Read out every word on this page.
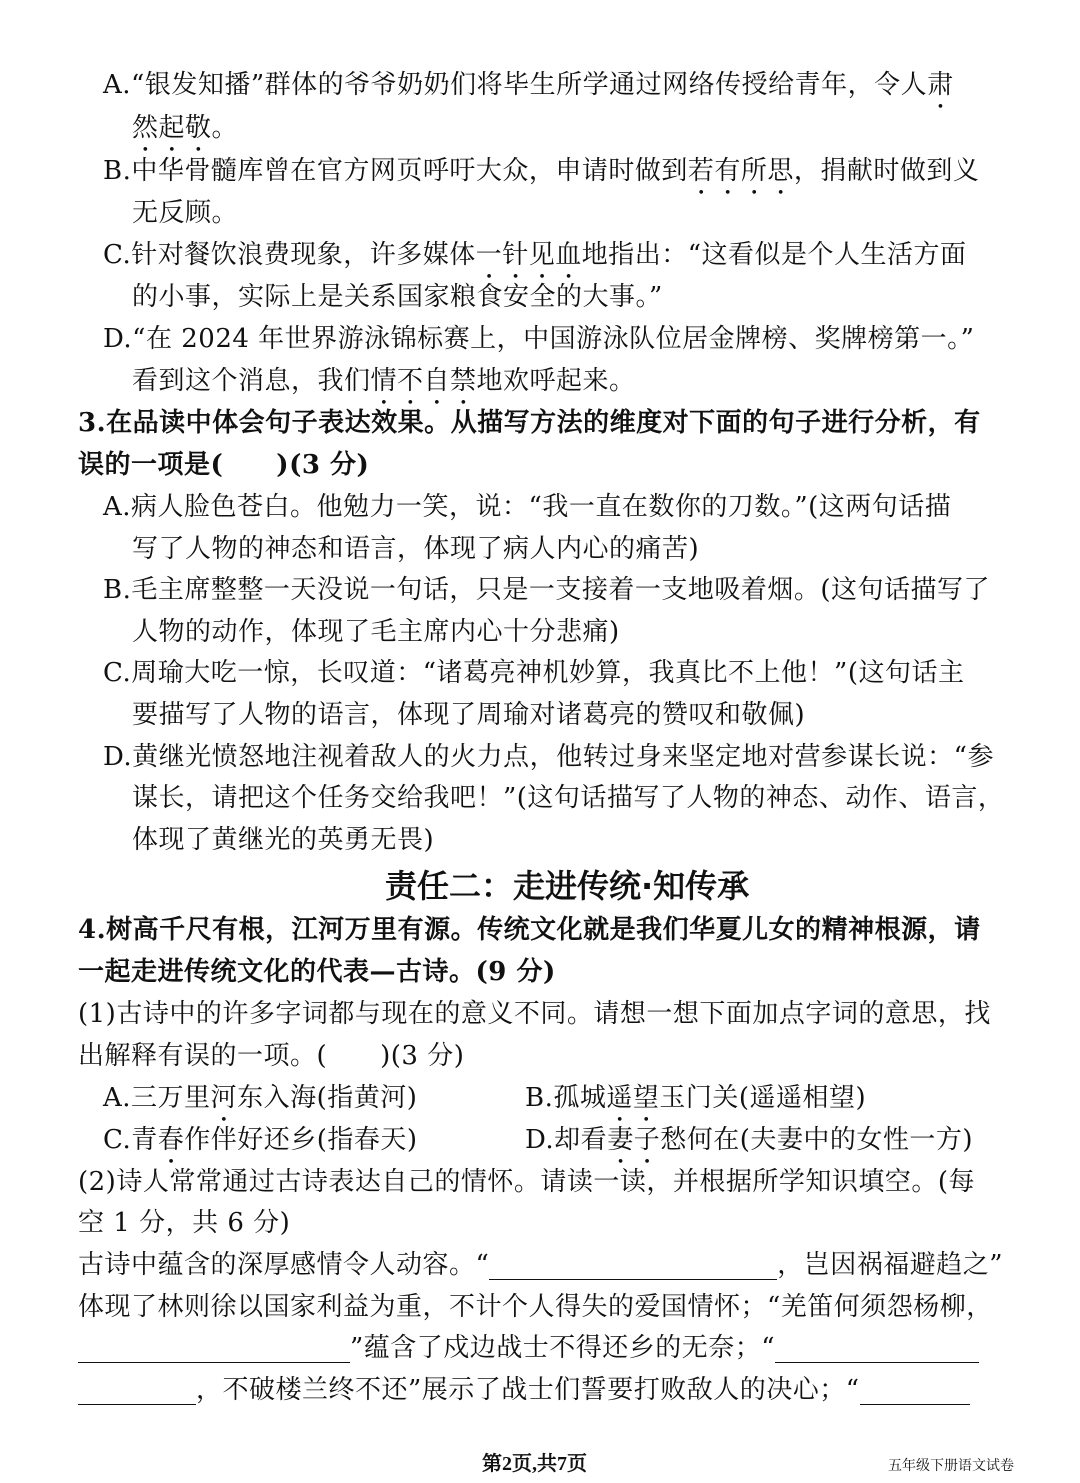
A.“银发知播”群体的爷爷奶奶们将毕生所学通过网络传授给青年，令人肃
然起敬。
B.中华骨髓库曾在官方网页呼吁大众，申请时做到若有所思，捐献时做到义
无反顾。
C.针对餐饮浪费现象，许多媒体一针见血地指出：“这看似是个人生活方面
的小事，实际上是关系国家粮食安全的大事。”
D.“在 2024 年世界游泳锦标赛上，中国游泳队位居金牌榜、奖牌榜第一。”
看到这个消息，我们情不自禁地欢呼起来。
3.在品读中体会句子表达效果。从描写方法的维度对下面的句子进行分析，有
误的一项是(　　)(3 分)
A.病人脸色苍白。他勉力一笑，说：“我一直在数你的刀数。”(这两句话描
写了人物的神态和语言，体现了病人内心的痛苦)
B.毛主席整整一天没说一句话，只是一支接着一支地吸着烟。(这句话描写了
人物的动作，体现了毛主席内心十分悲痛)
C.周瑜大吃一惊，长叹道：“诸葛亮神机妙算，我真比不上他！”(这句话主
要描写了人物的语言，体现了周瑜对诸葛亮的赞叹和敬佩)
D.黄继光愤怒地注视着敌人的火力点，他转过身来坚定地对营参谋长说：“参
谋长，请把这个任务交给我吧！”(这句话描写了人物的神态、动作、语言，
体现了黄继光的英勇无畏)
责任二：走进传统·知传承
4.树高千尺有根，江河万里有源。传统文化就是我们华夏儿女的精神根源，请
一起走进传统文化的代表—古诗。(9 分)
(1)古诗中的许多字词都与现在的意义不同。请想一想下面加点字词的意思，找
出解释有误的一项。(　　)(3 分)
A.三万里河东入海(指黄河)	B.孤城遥望玉门关(遥遥相望)
C.青春作伴好还乡(指春天)	D.却看妻子愁何在(夫妻中的女性一方)
(2)诗人常常通过古诗表达自己的情怀。请读一读，并根据所学知识填空。(每
空 1 分，共 6 分)
古诗中蕴含的深厚感情令人动容。“	，岂因祸福避趋之”
体现了林则徐以国家利益为重，不计个人得失的爱国情怀；“羌笛何须怨杨柳，
”蕴含了戍边战士不得还乡的无奈；“
，不破楼兰终不还”展示了战士们誓要打败敌人的决心；“
第2页,共7页	五年级下册语文试卷
